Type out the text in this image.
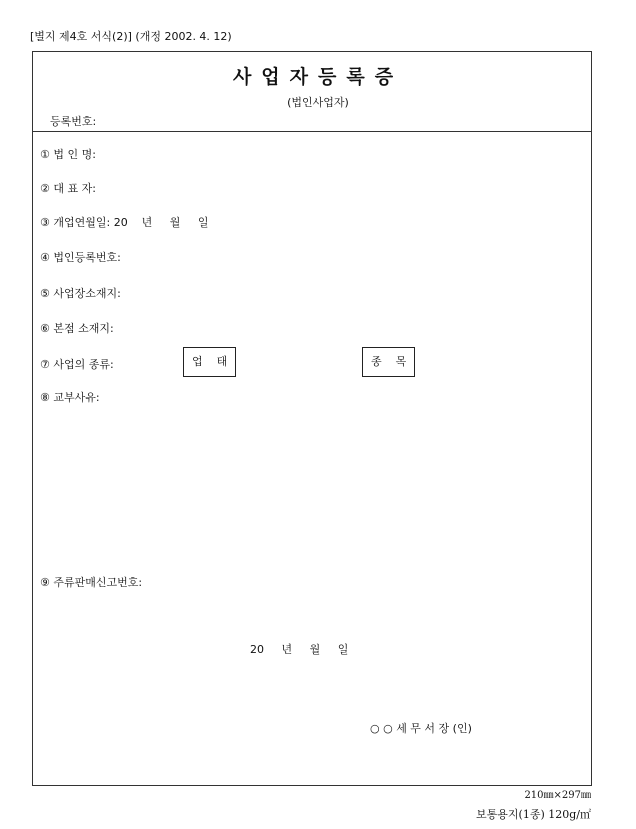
[별지 제4호 서식(2)] (개정 2002. 4. 12)
사업자등록증
(법인사업자)
등록번호:
① 법 인 명:
② 대 표 자:
③ 개업연월일: 20    년     월     일
④ 법인등록번호:
⑤ 사업장소재지:
⑥ 본점 소재지:
⑦ 사업의 종류:	업    태	종    목
⑧ 교부사유:
⑨ 주류판매신고번호:
20     년     월     일
○ ○ 세 무 서 장 (인)
210㎜×297㎜
보통용지(1종) 120g/㎡
